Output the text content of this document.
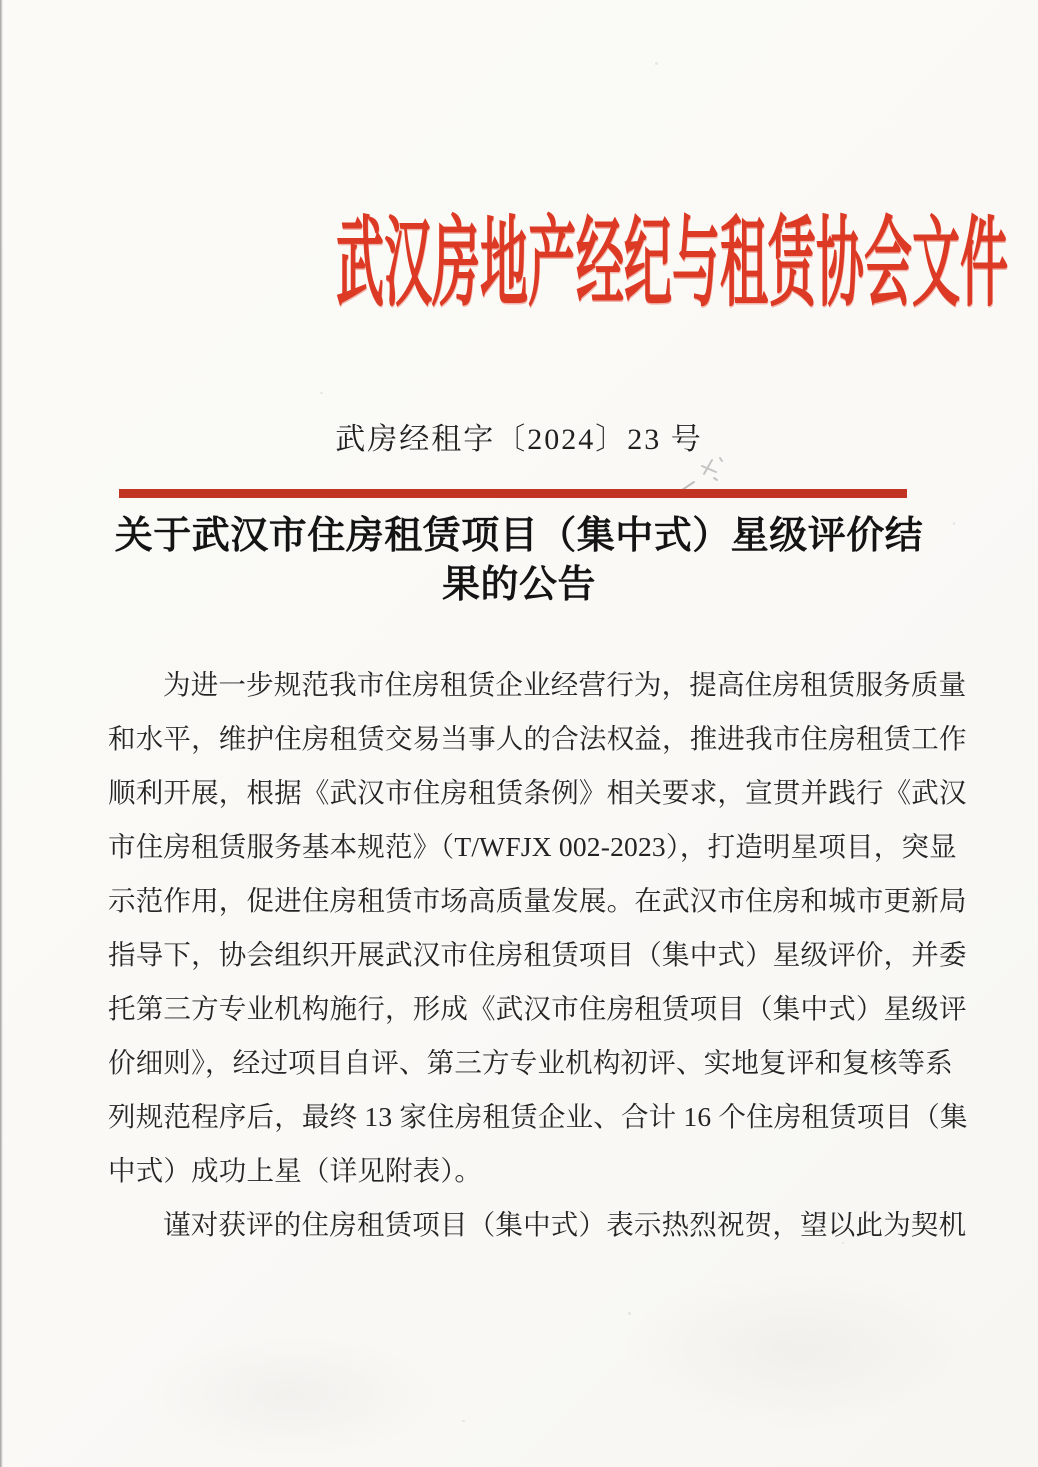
武汉房地产经纪与租赁协会文件
武房经租字〔2024〕23 号
关于武汉市住房租赁项目（集中式）星级评价结
果的公告
为进一步规范我市住房租赁企业经营行为，提高住房租赁服务质量
和水平，维护住房租赁交易当事人的合法权益，推进我市住房租赁工作
顺利开展，根据《武汉市住房租赁条例》相关要求，宣贯并践行《武汉
市住房租赁服务基本规范》（T/WFJX 002-2023），打造明星项目，突显
示范作用，促进住房租赁市场高质量发展。在武汉市住房和城市更新局
指导下，协会组织开展武汉市住房租赁项目（集中式）星级评价，并委
托第三方专业机构施行，形成《武汉市住房租赁项目（集中式）星级评
价细则》，经过项目自评、第三方专业机构初评、实地复评和复核等系
列规范程序后，最终 13 家住房租赁企业、合计 16 个住房租赁项目（集
中式）成功上星（详见附表）。
谨对获评的住房租赁项目（集中式）表示热烈祝贺，望以此为契机
